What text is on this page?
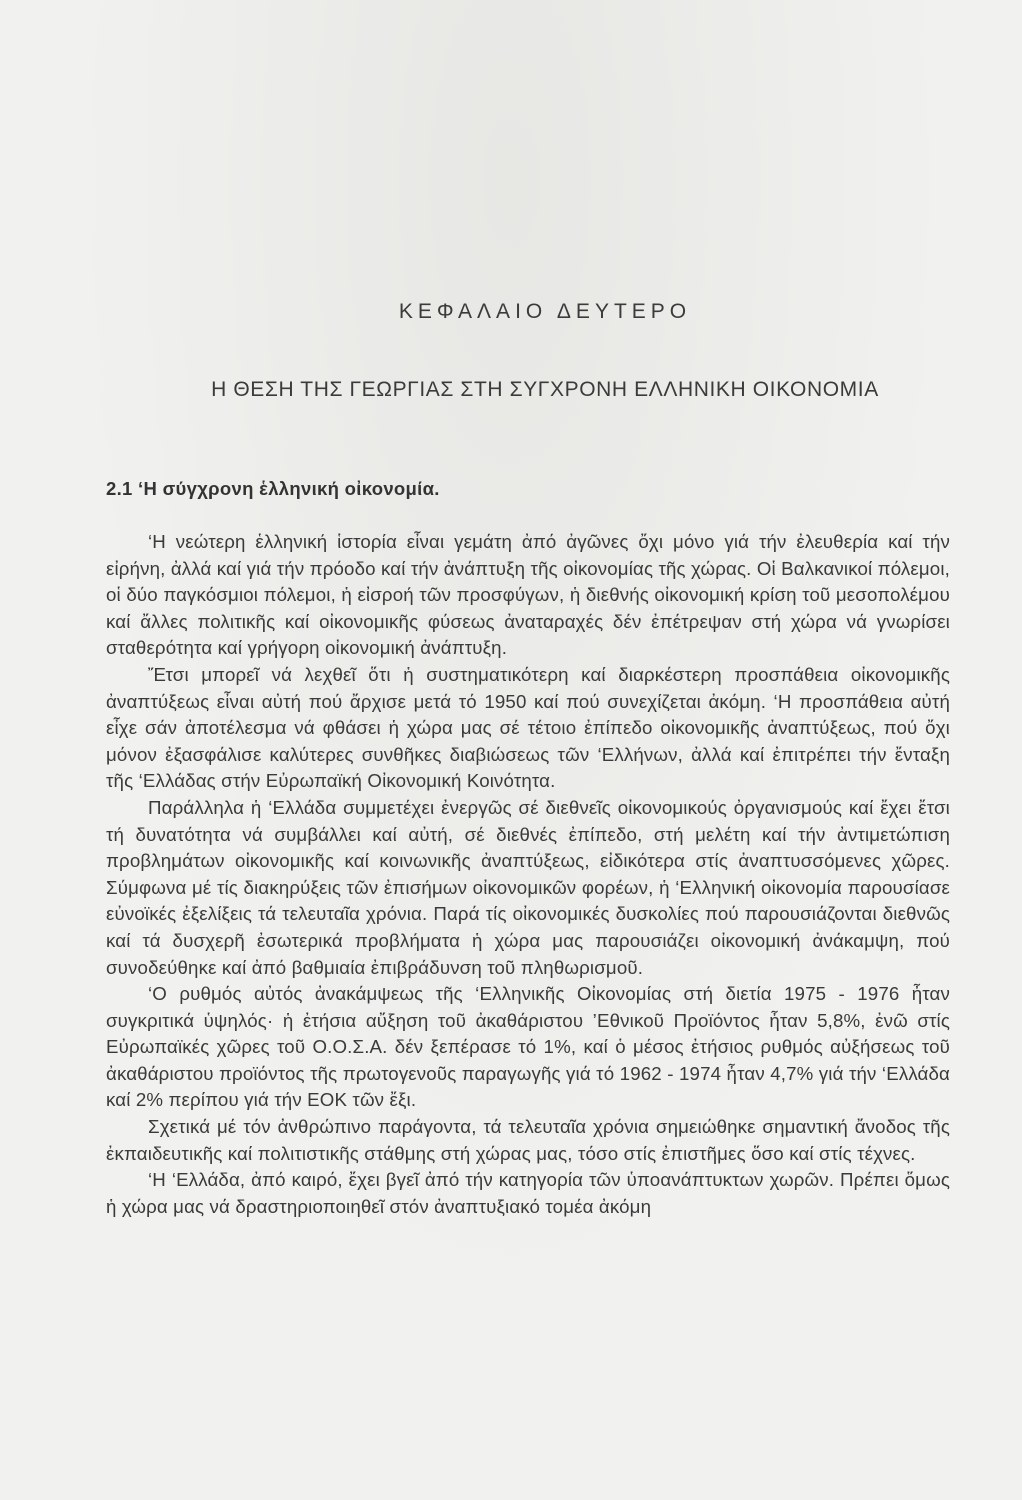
ΚΕΦΑΛΑΙΟ ΔΕΥΤΕΡΟ
Η ΘΕΣΗ ΤΗΣ ΓΕΩΡΓΙΑΣ ΣΤΗ ΣΥΓΧΡΟΝΗ ΕΛΛΗΝΙΚΗ ΟΙΚΟΝΟΜΙΑ
2.1 ‘Η σύγχρονη ἑλληνική οἰκονομία.

‘Η νεώτερη ἑλληνική ἱστορία εἶναι γεμάτη ἀπό ἀγῶνες ὄχι μόνο γιά τήν ἐλευθερία καί τήν εἰρήνη, ἀλλά καί γιά τήν πρόοδο καί τήν ἀνάπτυξη τῆς οἰκονομίας τῆς χώρας. Οἱ Βαλκανικοί πόλεμοι, οἱ δύο παγκόσμιοι πόλεμοι, ἡ εἰσροή τῶν προσφύγων, ἡ διεθνής οἰκονομική κρίση τοῦ μεσοπολέμου καί ἄλλες πολιτικῆς καί οἰκονομικῆς φύσεως ἀναταραχές δέν ἐπέτρεψαν στή χώρα νά γνωρίσει σταθερότητα καί γρήγορη οἰκονομική ἀνάπτυξη.

Ἔτσι μπορεῖ νά λεχθεῖ ὅτι ἡ συστηματικότερη καί διαρκέστερη προσπάθεια οἰκονομικῆς ἀναπτύξεως εἶναι αὐτή πού ἄρχισε μετά τό 1950 καί πού συνεχίζεται ἀκόμη. ‘Η προσπάθεια αὐτή εἶχε σάν ἀποτέλεσμα νά φθάσει ἡ χώρα μας σέ τέτοιο ἐπίπεδο οἰκονομικῆς ἀναπτύξεως, πού ὄχι μόνον ἐξασφάλισε καλύτερες συνθῆκες διαβιώσεως τῶν ‘Ελλήνων, ἀλλά καί ἐπιτρέπει τήν ἔνταξη τῆς ‘Ελλάδας στήν Εὐρωπαϊκή Οἰκονομική Κοινότητα.

Παράλληλα ἡ ‘Ελλάδα συμμετέχει ἐνεργῶς σέ διεθνεῖς οἰκονομικούς ὀργανισμούς καί ἔχει ἔτσι τή δυνατότητα νά συμβάλλει καί αὐτή, σέ διεθνές ἐπίπεδο, στή μελέτη καί τήν ἀντιμετώπιση προβλημάτων οἰκονομικῆς καί κοινωνικῆς ἀναπτύξεως, εἰδικότερα στίς ἀναπτυσσόμενες χῶρες. Σύμφωνα μέ τίς διακηρύξεις τῶν ἐπισήμων οἰκονομικῶν φορέων, ἡ ‘Ελληνική οἰκονομία παρουσίασε εὐνοϊκές ἐξελίξεις τά τελευταῖα χρόνια. Παρά τίς οἰκονομικές δυσκολίες πού παρουσιάζονται διεθνῶς καί τά δυσχερῆ ἐσωτερικά προβλήματα ἡ χώρα μας παρουσιάζει οἰκονομική ἀνάκαμψη, πού συνοδεύθηκε καί ἀπό βαθμιαία ἐπιβράδυνση τοῦ πληθωρισμοῦ.

‘Ο ρυθμός αὐτός ἀνακάμψεως τῆς ‘Ελληνικῆς Οἰκονομίας στή διετία 1975 - 1976 ἦταν συγκριτικά ὑψηλός· ἡ ἐτήσια αὔξηση τοῦ ἀκαθάριστου ’Εθνικοῦ Προϊόντος ἦταν 5,8%, ἐνῶ στίς Εὐρωπαϊκές χῶρες τοῦ Ο.Ο.Σ.Α. δέν ξεπέρασε τό 1%, καί ὁ μέσος ἐτήσιος ρυθμός αὐξήσεως τοῦ ἀκαθάριστου προϊόντος τῆς πρωτογενοῦς παραγωγῆς γιά τό 1962 - 1974 ἦταν 4,7% γιά τήν ‘Ελλάδα καί 2% περίπου γιά τήν ΕΟΚ τῶν ἔξι.

Σχετικά μέ τόν ἀνθρώπινο παράγοντα, τά τελευταῖα χρόνια σημειώθηκε σημαντική ἄνοδος τῆς ἐκπαιδευτικῆς καί πολιτιστικῆς στάθμης στή χώρας μας, τόσο στίς ἐπιστῆμες ὅσο καί στίς τέχνες.

‘Η ‘Ελλάδα, ἀπό καιρό, ἔχει βγεῖ ἀπό τήν κατηγορία τῶν ὑποανάπτυκτων χωρῶν. Πρέπει ὅμως ἡ χώρα μας νά δραστηριοποιηθεῖ στόν ἀναπτυξιακό τομέα ἀκόμη
